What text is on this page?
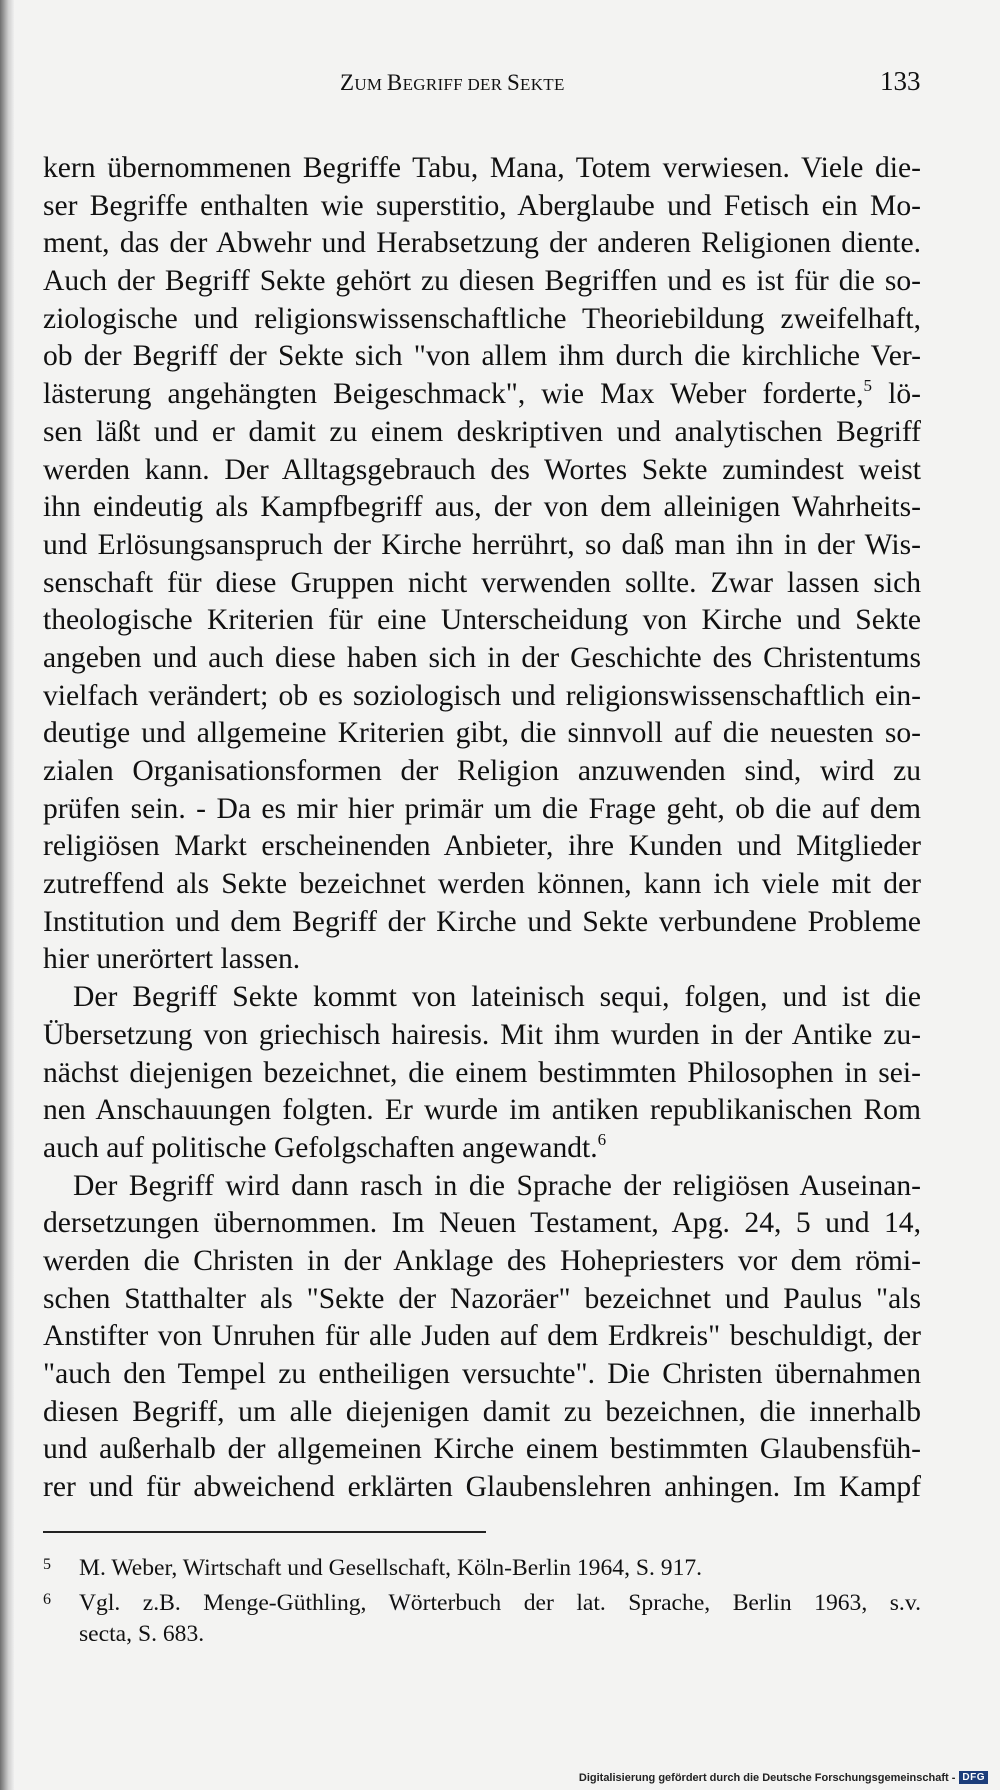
ZUM BEGRIFF DER SEKTE	133
kern übernommenen Begriffe Tabu, Mana, Totem verwiesen. Viele die-
ser Begriffe enthalten wie superstitio, Aberglaube und Fetisch ein Mo-
ment, das der Abwehr und Herabsetzung der anderen Religionen diente.
Auch der Begriff Sekte gehört zu diesen Begriffen und es ist für die so-
ziologische und religionswissenschaftliche Theoriebildung zweifelhaft,
ob der Begriff der Sekte sich "von allem ihm durch die kirchliche Ver-
lästerung angehängten Beigeschmack", wie Max Weber forderte,$^5$ lö-
sen läßt und er damit zu einem deskriptiven und analytischen Begriff
werden kann. Der Alltagsgebrauch des Wortes Sekte zumindest weist
ihn eindeutig als Kampfbegriff aus, der von dem alleinigen Wahrheits-
und Erlösungsanspruch der Kirche herrührt, so daß man ihn in der Wis-
senschaft für diese Gruppen nicht verwenden sollte. Zwar lassen sich
theologische Kriterien für eine Unterscheidung von Kirche und Sekte
angeben und auch diese haben sich in der Geschichte des Christentums
vielfach verändert; ob es soziologisch und religionswissenschaftlich ein-
deutige und allgemeine Kriterien gibt, die sinnvoll auf die neuesten so-
zialen Organisationsformen der Religion anzuwenden sind, wird zu
prüfen sein. - Da es mir hier primär um die Frage geht, ob die auf dem
religiösen Markt erscheinenden Anbieter, ihre Kunden und Mitglieder
zutreffend als Sekte bezeichnet werden können, kann ich viele mit der
Institution und dem Begriff der Kirche und Sekte verbundene Probleme
hier unerörtert lassen.
Der Begriff Sekte kommt von lateinisch sequi, folgen, und ist die
Übersetzung von griechisch hairesis. Mit ihm wurden in der Antike zu-
nächst diejenigen bezeichnet, die einem bestimmten Philosophen in sei-
nen Anschauungen folgten. Er wurde im antiken republikanischen Rom
auch auf politische Gefolgschaften angewandt.$^6$
Der Begriff wird dann rasch in die Sprache der religiösen Auseinan-
dersetzungen übernommen. Im Neuen Testament, Apg. 24, 5 und 14,
werden die Christen in der Anklage des Hohepriesters vor dem römi-
schen Statthalter als "Sekte der Nazoräer" bezeichnet und Paulus "als
Anstifter von Unruhen für alle Juden auf dem Erdkreis" beschuldigt, der
"auch den Tempel zu entheiligen versuchte". Die Christen übernahmen
diesen Begriff, um alle diejenigen damit zu bezeichnen, die innerhalb
und außerhalb der allgemeinen Kirche einem bestimmten Glaubensfüh-
rer und für abweichend erklärten Glaubenslehren anhingen. Im Kampf
5 M. Weber, Wirtschaft und Gesellschaft, Köln-Berlin 1964, S. 917.
6 Vgl. z.B. Menge-Güthling, Wörterbuch der lat. Sprache, Berlin 1963, s.v.
secta, S. 683.
Digitalisierung gefördert durch die Deutsche Forschungsgemeinschaft - DFG
